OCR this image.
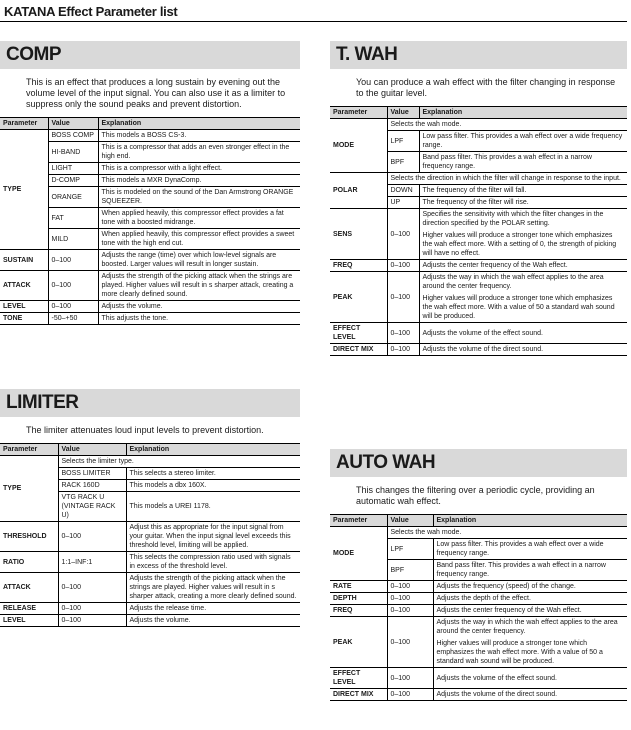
KATANA Effect Parameter list
COMP
This is an effect that produces a long sustain by evening out the volume level of the input signal. You can also use it as a limiter to suppress only the sound peaks and prevent distortion.
Parameter	Value	Explanation
TYPE	BOSS COMP	This models a BOSS CS-3.
	HI-BAND	This is a compressor that adds an even stronger effect in the high end.
	LIGHT	This is a compressor with a light effect.
	D-COMP	This models a MXR DynaComp.
	ORANGE	This is modeled on the sound of the Dan Armstrong ORANGE SQUEEZER.
	FAT	When applied heavily, this compressor effect provides a fat tone with a boosted midrange.
	MILD	When applied heavily, this compressor effect provides a sweet tone with the high end cut.
SUSTAIN	0–100	Adjusts the range (time) over which low-level signals are boosted. Larger values will result in longer sustain.
ATTACK	0–100	Adjusts the strength of the picking attack when the strings are played. Higher values will result in s sharper attack, creating a more clearly defined sound.
LEVEL	0–100	Adjusts the volume.
TONE	-50–+50	This adjusts the tone.
LIMITER
The limiter attenuates loud input levels to prevent distortion.
Parameter	Value	Explanation
TYPE	Selects the limiter type.	
	BOSS LIMITER	This selects a stereo limiter.
	RACK 160D	This models a dbx 160X.
	VTG RACK U (VINTAGE RACK U)	This models a UREI 1178.
THRESHOLD	0–100	Adjust this as appropriate for the input signal from your guitar. When the input signal level exceeds this threshold level, limiting will be applied.
RATIO	1:1–INF:1	This selects the compression ratio used with signals in excess of the threshold level.
ATTACK	0–100	Adjusts the strength of the picking attack when the strings are played. Higher values will result in s sharper attack, creating a more clearly defined sound.
RELEASE	0–100	Adjusts the release time.
LEVEL	0–100	Adjusts the volume.
T. WAH
You can produce a wah effect with the filter changing in response to the guitar level.
Parameter	Value	Explanation
MODE	Selects the wah mode.	
	LPF	Low pass filter. This provides a wah effect over a wide frequency range.
	BPF	Band pass filter. This provides a wah effect in a narrow frequency range.
POLAR	Selects the direction in which the filter will change in response to the input.	
	DOWN	The frequency of the filter will fall.
	UP	The frequency of the filter will rise.
SENS	0–100	Specifies the sensitivity with which the filter changes in the direction specified by the POLAR setting.

Higher values will produce a stronger tone which emphasizes the wah effect more. With a setting of 0, the strength of picking will have no effect.

FREQ	0–100	Adjusts the center frequency of the Wah effect.
PEAK	0–100	Adjusts the way in which the wah effect applies to the area around the center frequency.

Higher values will produce a stronger tone which emphasizes the wah effect more. With a value of 50 a standard wah sound will be produced.

EFFECT LEVEL	0–100	Adjusts the volume of the effect sound.
DIRECT MIX	0–100	Adjusts the volume of the direct sound.
AUTO WAH
This changes the filtering over a periodic cycle, providing an automatic wah effect.
Parameter	Value	Explanation
MODE	Selects the wah mode.	
	LPF	Low pass filter. This provides a wah effect over a wide frequency range.
	BPF	Band pass filter. This provides a wah effect in a narrow frequency range.
RATE	0–100	Adjusts the frequency (speed) of the change.
DEPTH	0–100	Adjusts the depth of the effect.
FREQ	0–100	Adjusts the center frequency of the Wah effect.
PEAK	0–100	Adjusts the way in which the wah effect applies to the area around the center frequency.

Higher values will produce a stronger tone which emphasizes the wah effect more. With a value of 50 a standard wah sound will be produced.

EFFECT LEVEL	0–100	Adjusts the volume of the effect sound.
DIRECT MIX	0–100	Adjusts the volume of the direct sound.
